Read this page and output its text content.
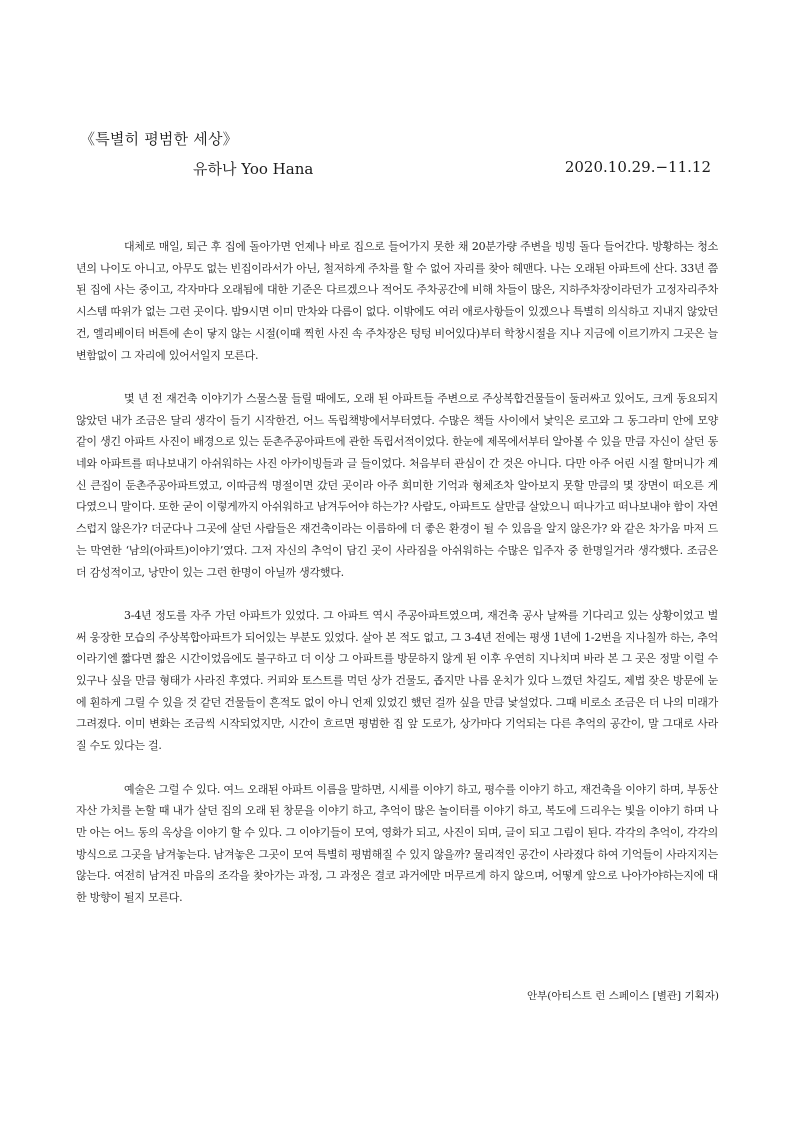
《특별히 평범한 세상》

유하나 Yoo Hana	2020.10.29.−11.12

대체로 매일, 퇴근 후 집에 돌아가면 언제나 바로 집으로 들어가지 못한 채 20분가량 주변을 빙빙 돌다 들어간다. 방황하는 청소년의 나이도 아니고, 아무도 없는 빈집이라서가 아닌, 철저하게 주차를 할 수 없어 자리를 찾아 헤맨다. 나는 오래된 아파트에 산다. 33년 쯤 된 집에 사는 중이고, 각자마다 오래됨에 대한 기준은 다르겠으나 적어도 주차공간에 비해 차들이 많은, 지하주차장이라던가 고정자리주차 시스템 따위가 없는 그런 곳이다. 밤9시면 이미 만차와 다름이 없다. 이밖에도 여러 애로사항들이 있겠으나 특별히 의식하고 지내지 않았던 건, 엘리베이터 버튼에 손이 닿지 않는 시절(이때 찍힌 사진 속 주차장은 텅텅 비어있다)부터 학창시절을 지나 지금에 이르기까지 그곳은 늘 변함없이 그 자리에 있어서일지 모른다.

몇 년 전 재건축 이야기가 스물스물 들릴 때에도, 오래 된 아파트들 주변으로 주상복합건물들이 둘러싸고 있어도, 크게 동요되지 않았던 내가 조금은 달리 생각이 들기 시작한건, 어느 독립책방에서부터였다. 수많은 책들 사이에서 낯익은 로고와 그 동그라미 안에 모양 같이 생긴 아파트 사진이 배경으로 있는 둔촌주공아파트에 관한 독립서적이었다. 한눈에 제목에서부터 알아볼 수 있을 만큼 자신이 살던 동네와 아파트를 떠나보내기 아쉬워하는 사진 아카이빙들과 글 들이었다. 처음부터 관심이 간 것은 아니다. 다만 아주 어린 시절 할머니가 계신 큰집이 둔촌주공아파트였고, 이따금씩 명절이면 갔던 곳이라 아주 희미한 기억과 형체조차 알아보지 못할 만큼의 몇 장면이 떠오른 게 다였으니 말이다. 또한 굳이 이렇게까지 아쉬워하고 남겨두어야 하는가? 사람도, 아파트도 살만큼 살았으니 떠나가고 떠나보내야 함이 자연스럽지 않은가? 더군다나 그곳에 살던 사람들은 재건축이라는 이름하에 더 좋은 환경이 될 수 있음을 알지 않은가? 와 같은 차가움 마저 드는 막연한 ‘남의(아파트)이야기’였다. 그저 자신의 추억이 담긴 곳이 사라짐을 아쉬워하는 수많은 입주자 중 한명일거라 생각했다. 조금은 더 감성적이고, 낭만이 있는 그런 한명이 아닐까 생각했다.

3-4년 정도를 자주 가던 아파트가 있었다. 그 아파트 역시 주공아파트였으며, 재건축 공사 날짜를 기다리고 있는 상황이었고 벌써 웅장한 모습의 주상복합아파트가 되어있는 부분도 있었다. 살아 본 적도 없고, 그 3-4년 전에는 평생 1년에 1-2번을 지나칠까 하는, 추억이라기엔 짧다면 짧은 시간이었음에도 불구하고 더 이상 그 아파트를 방문하지 않게 된 이후 우연히 지나치며 바라 본 그 곳은 정말 이럴 수 있구나 싶을 만큼 형태가 사라진 후였다. 커피와 토스트를 먹던 상가 건물도, 좁지만 나름 운치가 있다 느꼈던 차길도, 제법 잦은 방문에 눈에 훤하게 그릴 수 있을 것 같던 건물들이 흔적도 없이 아니 언제 있었긴 했던 걸까 싶을 만큼 낯설었다. 그때 비로소 조금은 더 나의 미래가 그려졌다. 이미 변화는 조금씩 시작되었지만, 시간이 흐르면 평범한 집 앞 도로가, 상가마다 기억되는 다른 추억의 공간이, 말 그대로 사라질 수도 있다는 걸.

예술은 그럴 수 있다. 여느 오래된 아파트 이름을 말하면, 시세를 이야기 하고, 평수를 이야기 하고, 재건축을 이야기 하며, 부동산 자산 가치를 논할 때 내가 살던 집의 오래 된 창문을 이야기 하고, 추억이 많은 놀이터를 이야기 하고, 복도에 드리우는 빛을 이야기 하며 나만 아는 어느 동의 옥상을 이야기 할 수 있다. 그 이야기들이 모여, 영화가 되고, 사진이 되며, 글이 되고 그림이 된다. 각각의 추억이, 각각의 방식으로 그곳을 남겨놓는다. 남겨놓은 그곳이 모여 특별히 평범해질 수 있지 않을까? 물리적인 공간이 사라졌다 하여 기억들이 사라지지는 않는다. 여전히 남겨진 마음의 조각을 찾아가는 과정, 그 과정은 결코 과거에만 머무르게 하지 않으며, 어떻게 앞으로 나아가야하는지에 대한 방향이 될지 모른다.

안부(아티스트 런 스페이스 [별관] 기획자)
